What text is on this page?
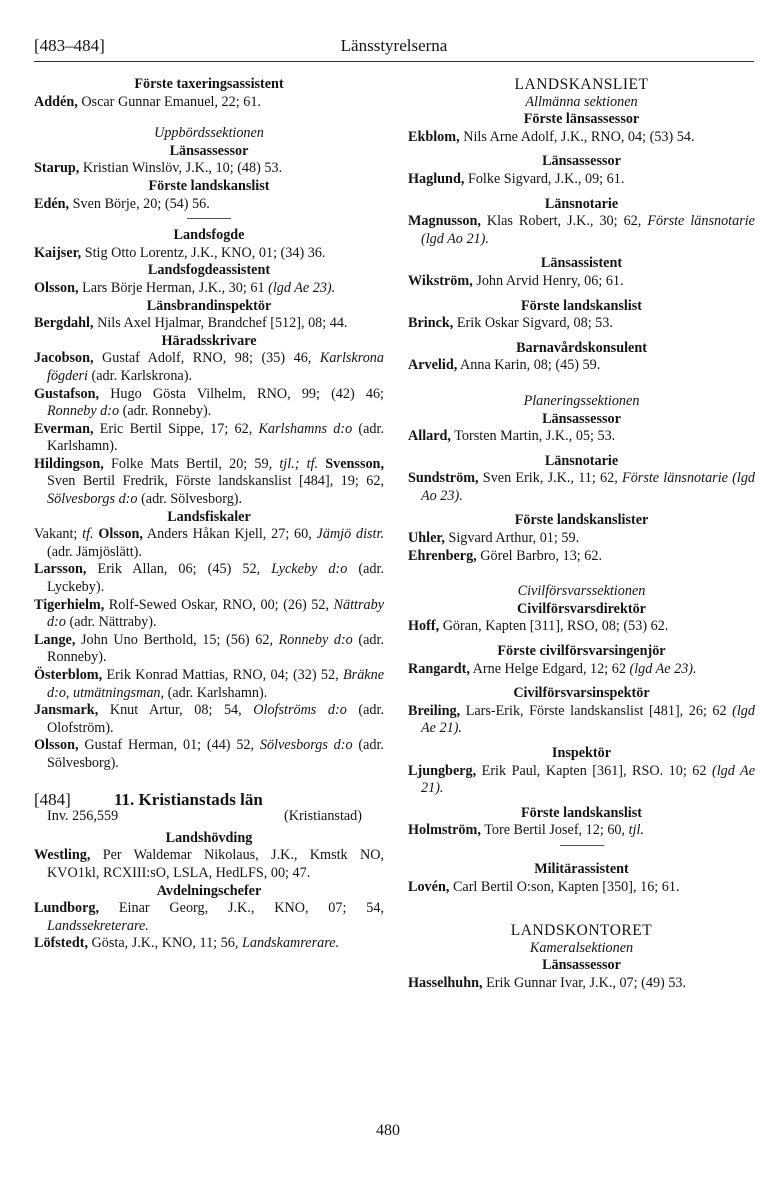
Länsstyrelserna
[483–484]
Förste taxeringsassistent
Addén, Oscar Gunnar Emanuel, 22; 61.
Uppbördssektionen
Länsassessor
Starup, Kristian Winslöv, J.K., 10; (48) 53.
Förste landskanslist
Edén, Sven Börje, 20; (54) 56.
Landsfogde
Kaijser, Stig Otto Lorentz, J.K., KNO, 01; (34) 36.
Landsfogdeassistent
Olsson, Lars Börje Herman, J.K., 30; 61 (lgd Ae 23).
Länsbrandinspektör
Bergdahl, Nils Axel Hjalmar, Brandchef [512], 08; 44.
Häradsskrivare
Jacobson, Gustaf Adolf, RNO, 98; (35) 46, Karlskrona fögderi (adr. Karlskrona).
Gustafson, Hugo Gösta Vilhelm, RNO, 99; (42) 46; Ronneby d:o (adr. Ronneby).
Everman, Eric Bertil Sippe, 17; 62, Karlshamns d:o (adr. Karlshamn).
Hildingson, Folke Mats Bertil, 20; 59, tjl.; tf. Svensson, Sven Bertil Fredrik, Förste landskanslist [484], 19; 62, Sölvesborgs d:o (adr. Sölvesborg).
Landsfiskaler
Vakant; tf. Olsson, Anders Håkan Kjell, 27; 60, Jämjö distr. (adr. Jämjöslätt).
Larsson, Erik Allan, 06; (45) 52, Lyckeby d:o (adr. Lyckeby).
Tigerhielm, Rolf-Sewed Oskar, RNO, 00; (26) 52, Nättraby d:o (adr. Nättraby).
Lange, John Uno Berthold, 15; (56) 62, Ronneby d:o (adr. Ronneby).
Österblom, Erik Konrad Mattias, RNO, 04; (32) 52, Bräkne d:o, utmätningsman, (adr. Karlshamn).
Jansmark, Knut Artur, 08; 54, Olofströms d:o (adr. Olofström).
Olsson, Gustaf Herman, 01; (44) 52, Sölvesborgs d:o (adr. Sölvesborg).
[484]	11. Kristianstads län
Inv. 256,559	(Kristianstad)
Landshövding
Westling, Per Waldemar Nikolaus, J.K., Kmstk NO, KVO1kl, RCXIII:sO, LSLA, HedLFS, 00; 47.
Avdelningschefer
Lundborg, Einar Georg, J.K., KNO, 07; 54, Landssekreterare.
Löfstedt, Gösta, J.K., KNO, 11; 56, Landskamrerare.
LANDSKANSLIET
Allmänna sektionen
Förste länsassessor
Ekblom, Nils Arne Adolf, J.K., RNO, 04; (53) 54.
Länsassessor
Haglund, Folke Sigvard, J.K., 09; 61.
Länsnotarie
Magnusson, Klas Robert, J.K., 30; 62, Förste länsnotarie (lgd Ao 21).
Länsassistent
Wikström, John Arvid Henry, 06; 61.
Förste landskanslist
Brinck, Erik Oskar Sigvard, 08; 53.
Barnavårdskonsulent
Arvelid, Anna Karin, 08; (45) 59.
Planeringssektionen
Länsassessor
Allard, Torsten Martin, J.K., 05; 53.
Länsnotarie
Sundström, Sven Erik, J.K., 11; 62, Förste länsnotarie (lgd Ao 23).
Förste landskanslister
Uhler, Sigvard Arthur, 01; 59.
Ehrenberg, Görel Barbro, 13; 62.
Civilförsvarssektionen
Civilförsvarsdirektör
Hoff, Göran, Kapten [311], RSO, 08; (53) 62.
Förste civilförsvarsingenjör
Rangardt, Arne Helge Edgard, 12; 62 (lgd Ae 23).
Civilförsvarsinspektör
Breiling, Lars-Erik, Förste landskanslist [481], 26; 62 (lgd Ae 21).
Inspektör
Ljungberg, Erik Paul, Kapten [361], RSO. 10; 62 (lgd Ae 21).
Förste landskanslist
Holmström, Tore Bertil Josef, 12; 60, tjl.
Militärassistent
Lovén, Carl Bertil O:son, Kapten [350], 16; 61.
LANDSKONTORET
Kameralsektionen
Länsassessor
Hasselhuhn, Erik Gunnar Ivar, J.K., 07; (49) 53.
480
